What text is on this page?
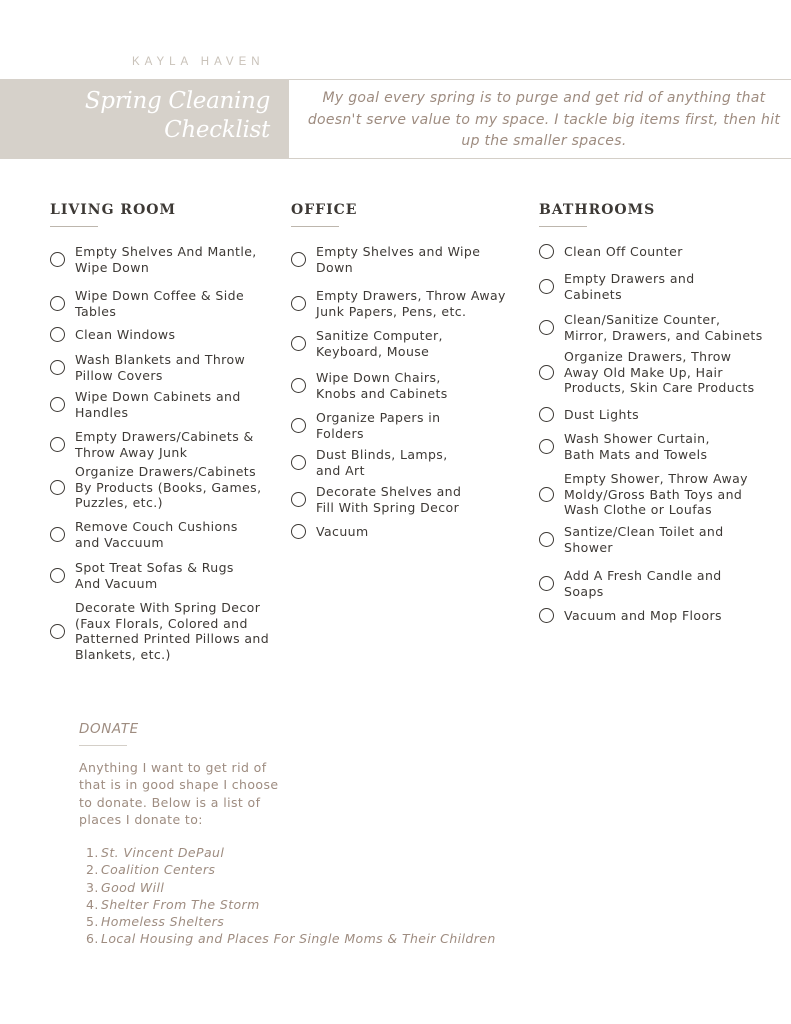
KAYLA HAVEN
Spring Cleaning
Checklist
My goal every spring is to purge and get rid of anything that doesn't serve value to my space. I tackle big items first, then hit up the smaller spaces.
LIVING ROOM	OFFICE	BATHROOMS
Empty Shelves And Mantle,
Wipe Down
Wipe Down Coffee & Side
Tables
Clean Windows
Wash Blankets and Throw
Pillow Covers
Wipe Down Cabinets and
Handles
Empty Drawers/Cabinets &
Throw Away Junk
Organize Drawers/Cabinets
By Products (Books, Games,
Puzzles, etc.)
Remove Couch Cushions
and Vaccuum
Spot Treat Sofas & Rugs
And Vacuum
Decorate With Spring Decor
(Faux Florals, Colored and
Patterned Printed Pillows and
Blankets, etc.)
Empty Shelves and Wipe
Down
Empty Drawers, Throw Away
Junk Papers, Pens, etc.
Sanitize Computer,
Keyboard, Mouse
Wipe Down Chairs,
Knobs and Cabinets
Organize Papers in
Folders
Dust Blinds, Lamps,
and Art
Decorate Shelves and
Fill With Spring Decor
Vacuum
Clean Off Counter
Empty Drawers and
Cabinets
Clean/Sanitize Counter,
Mirror, Drawers, and Cabinets
Organize Drawers, Throw
Away Old Make Up, Hair
Products, Skin Care Products
Dust Lights
Wash Shower Curtain,
Bath Mats and Towels
Empty Shower, Throw Away
Moldy/Gross Bath Toys and
Wash Clothe or Loufas
Santize/Clean Toilet and
Shower
Add A Fresh Candle and
Soaps
Vacuum and Mop Floors
DONATE
Anything I want to get rid of that is in good shape I choose to donate. Below is a list of places I donate to:
1. St. Vincent DePaul
2. Coalition Centers
3. Good Will
4. Shelter From The Storm
5. Homeless Shelters
6. Local Housing and Places For Single Moms & Their Children
